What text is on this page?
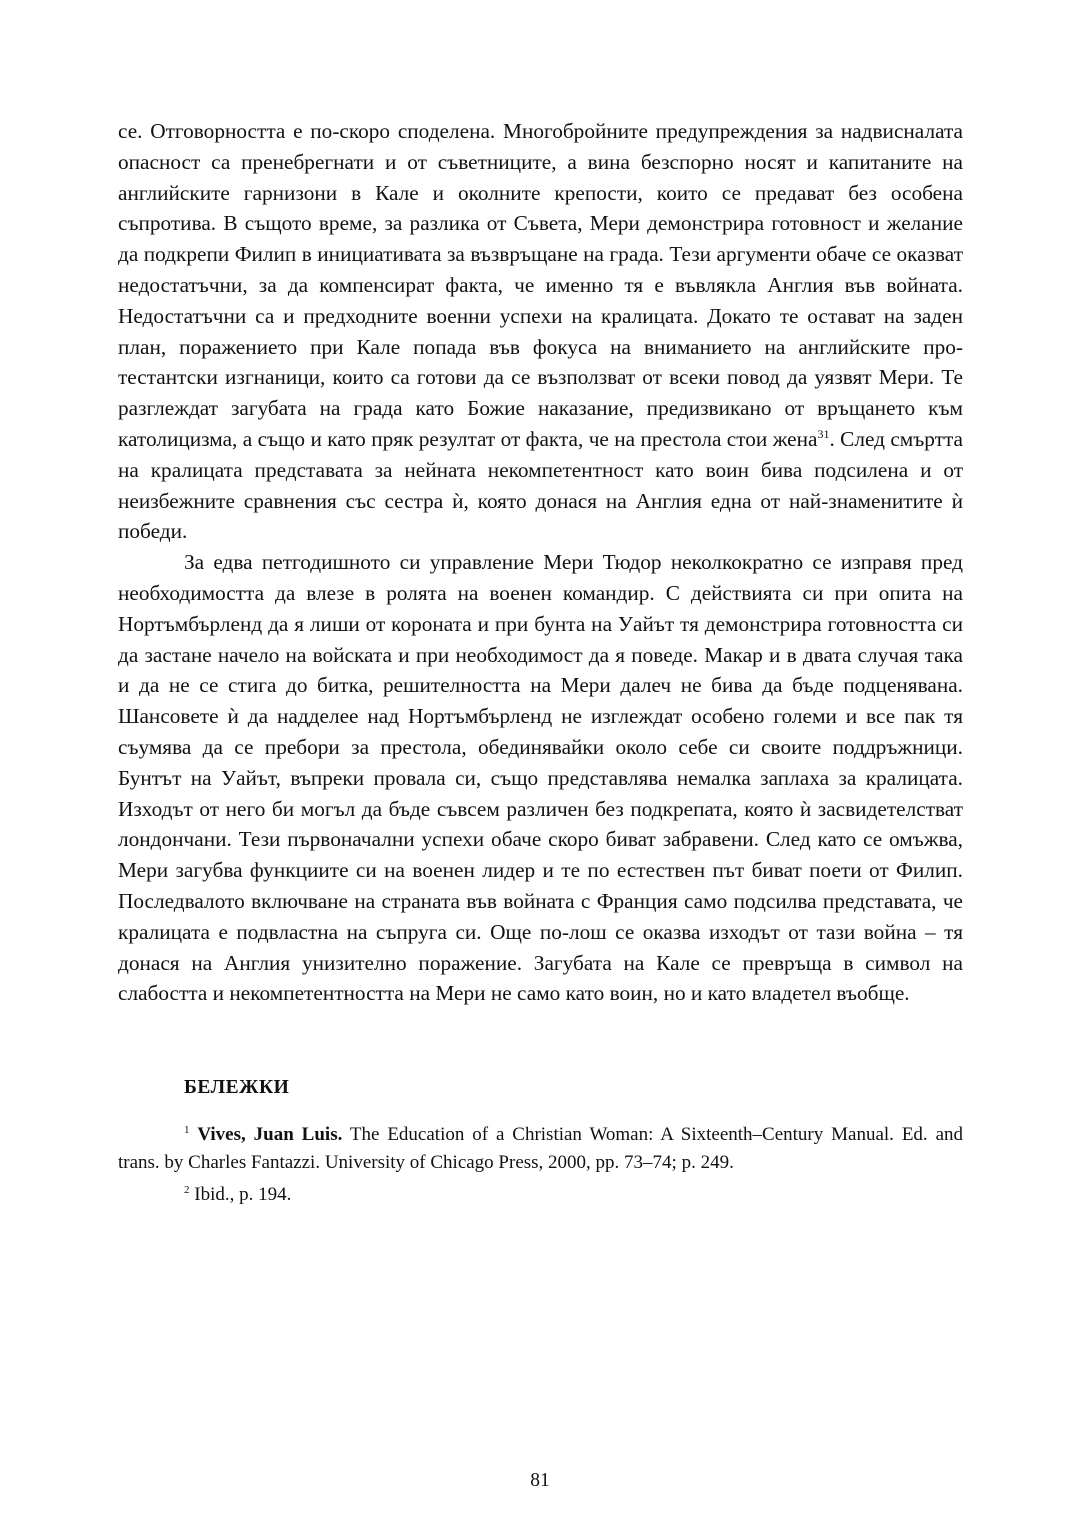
се. Отговорността е по-скоро споделена. Многобройните предупреждения за надвисналата опасност са пренебрегнати и от съветниците, а вина безспорно носят и капитаните на английските гарнизони в Кале и околните крепости, които се предават без особена съпротива. В същото време, за разлика от Съвета, Мери демонстрира готовност и желание да подкрепи Филип в инициативата за възвръщане на града. Тези аргументи обаче се оказват недостатъчни, за да компенсират факта, че именно тя е въвлякла Англия във войната. Недостатъчни са и предходните военни успехи на кралицата. Докато те остават на заден план, поражението при Кале попада във фокуса на вниманието на английските протестантски изгнаници, които са готови да се възползват от всеки повод да уязвят Мери. Те разглеждат загубата на града като Божие наказание, предизвикано от връщането към католицизма, а също и като пряк резултат от факта, че на престола стои жена$^{31}$. След смъртта на кралицата представата за нейната некомпетентност като воин бива подсилена и от неизбежните сравнения със сестра ѝ, която донася на Англия една от най-знаменитите ѝ победи.

За едва петгодишното си управление Мери Тюдор неколкократно се изправя пред необходимостта да влезе в ролята на военен командир. С действията си при опита на Нортъмбърленд да я лиши от короната и при бунта на Уайът тя демонстрира готовността си да застане начело на войската и при необходимост да я поведе. Макар и в двата случая така и да не се стига до битка, решителността на Мери далеч не бива да бъде подценявана. Шансовете ѝ да надделее над Нортъмбърленд не изглеждат особено големи и все пак тя съумява да се пребори за престола, обединявайки около себе си своите поддръжници. Бунтът на Уайът, въпреки провала си, също представлява немалка заплаха за кралицата. Изходът от него би могъл да бъде съвсем различен без подкрепата, която ѝ засвидетелстват лондончани. Тези първоначални успехи обаче скоро биват забравени. След като се омъжва, Мери загубва функциите си на военен лидер и те по естествен път биват поети от Филип. Последвалото включване на страната във войната с Франция само подсилва представата, че кралицата е подвластна на съпруга си. Още по-лош се оказва изходът от тази война – тя донася на Англия унизително поражение. Загубата на Кале се превръща в символ на слабостта и некомпетентността на Мери не само като воин, но и като владетел въобще.

БЕЛЕЖКИ

$^1$ Vives, Juan Luis. The Education of a Christian Woman: A Sixteenth–Century Manual. Ed. and trans. by Charles Fantazzi. University of Chicago Press, 2000, pp. 73–74; p. 249.

$^2$ Ibid., p. 194.

81
